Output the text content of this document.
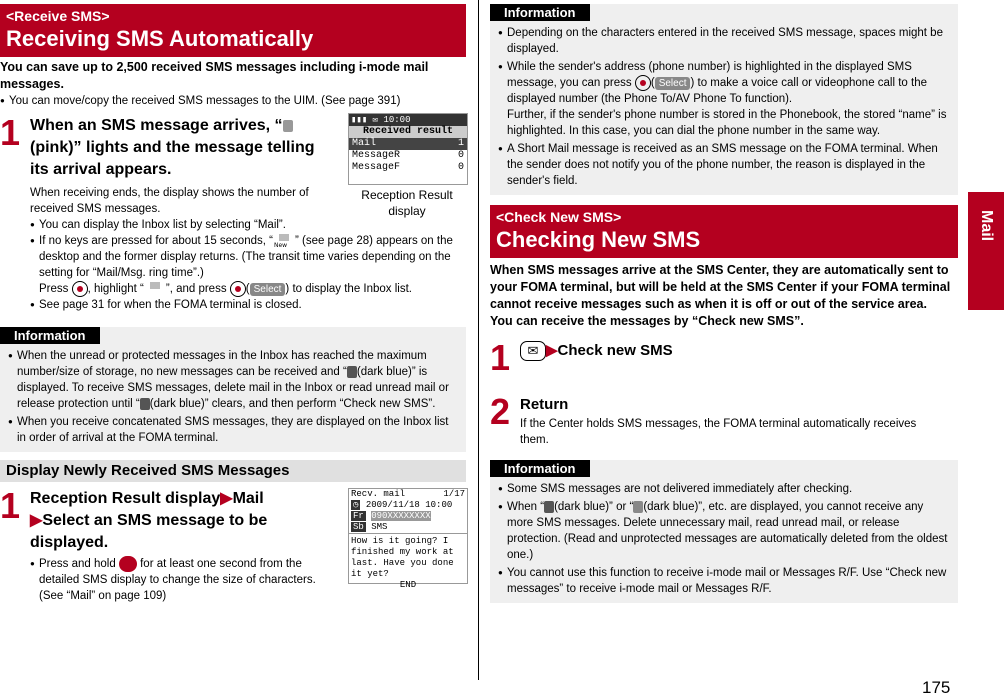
<Receive SMS>
Receiving SMS Automatically
You can save up to 2,500 received SMS messages including i-mode mail messages.
● You can move/copy the received SMS messages to the UIM. (See page 391)
1 When an SMS message arrives, “(pink)” lights and the message telling its arrival appears.
When receiving ends, the display shows the number of received SMS messages.
▮▮▮ ✉ 10:00
Received result
Mail	1
MessageR	0
MessageF	0
Reception Result display
● You can display the Inbox list by selecting “Mail”.
● If no keys are pressed for about 15 seconds, “ New ” (see page 28) appears on the desktop and the former display returns. (The transit time varies depending on the setting for “Mail/Msg. ring time”.)
Press , highlight “ ”, and press ( Select ) to display the Inbox list.
● See page 31 for when the FOMA terminal is closed.
Information
● When the unread or protected messages in the Inbox has reached the maximum number/size of storage, no new messages can be received and “ (dark blue)” is displayed. To receive SMS messages, delete mail in the Inbox or read unread mail or release protection until “ (dark blue)” clears, and then perform “Check new SMS”.
● When you receive concatenated SMS messages, they are displayed on the Inbox list in order of arrival at the FOMA terminal.
Display Newly Received SMS Messages
1 Reception Result display▶Mail
▶Select an SMS message to be displayed.
● Press and hold  for at least one second from the detailed SMS display to change the size of characters. (See “Mail” on page 109)
Recv. mail	1/17
◷ 2009/11/18 10:00
Fr 090XXXXXXXX
Sb SMS
How is it going? I finished my work at last. Have you done it yet?
END
Information
● Depending on the characters entered in the received SMS message, spaces might be displayed.
● While the sender's address (phone number) is highlighted in the displayed SMS message, you can press ( Select ) to make a voice call or videophone call to the displayed number (the Phone To/AV Phone To function).
Further, if the sender's phone number is stored in the Phonebook, the stored “name” is highlighted. In this case, you can dial the phone number in the same way.
● A Short Mail message is received as an SMS message on the FOMA terminal. When the sender does not notify you of the phone number, the reason is displayed in the sender's field.
<Check New SMS>
Checking New SMS
When SMS messages arrive at the SMS Center, they are automatically sent to your FOMA terminal, but will be held at the SMS Center if your FOMA terminal cannot receive messages such as when it is off or out of the service area.
You can receive the messages by “Check new SMS”.
1	✉ ▶Check new SMS
2 Return
If the Center holds SMS messages, the FOMA terminal automatically receives them.
Information
● Some SMS messages are not delivered immediately after checking.
● When “ (dark blue)” or “ (dark blue)”, etc. are displayed, you cannot receive any more SMS messages. Delete unnecessary mail, read unread mail, or release protection. (Read and unprotected messages are automatically deleted from the oldest one.)
● You cannot use this function to receive i-mode mail or Messages R/F. Use “Check new messages” to receive i-mode mail or Messages R/F.
Mail
175
